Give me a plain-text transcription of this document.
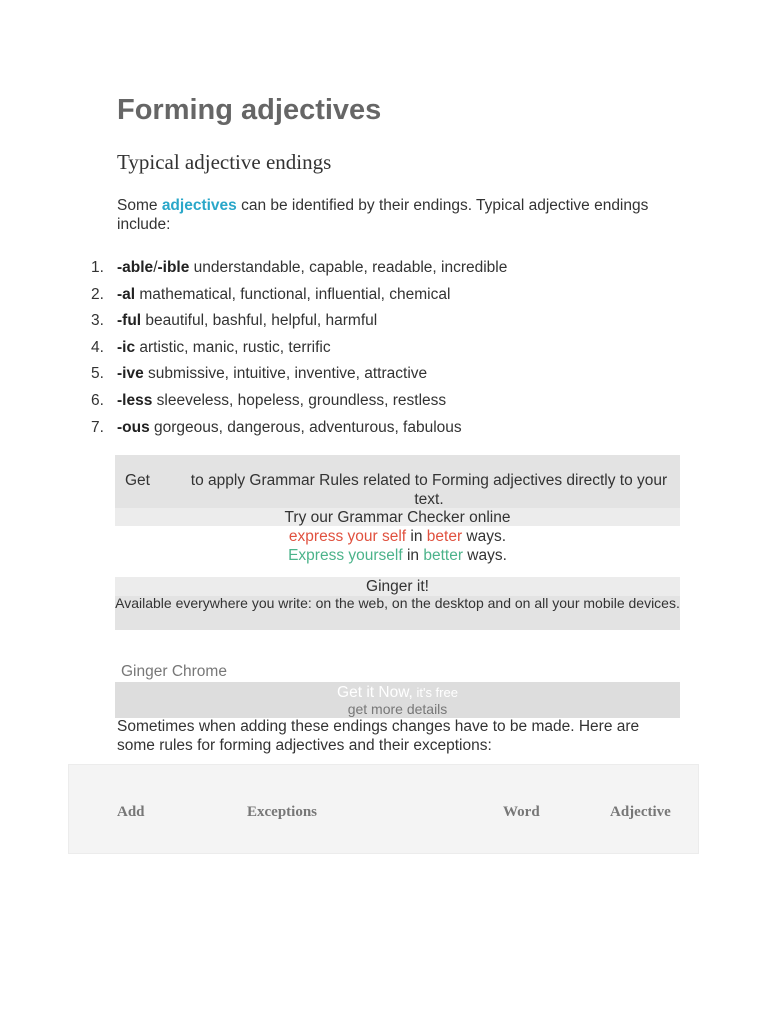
Forming adjectives
Typical adjective endings
Some adjectives can be identified by their endings. Typical adjective endings include:
1. -able/-ible understandable, capable, readable, incredible
2. -al mathematical, functional, influential, chemical
3. -ful beautiful, bashful, helpful, harmful
4. -ic artistic, manic, rustic, terrific
5. -ive submissive, intuitive, inventive, attractive
6. -less sleeveless, hopeless, groundless, restless
7. -ous gorgeous, dangerous, adventurous, fabulous
Get	to apply Grammar Rules related to Forming adjectives directly to your text.
Try our Grammar Checker online
express your self in beter ways.
Express yourself in better ways.
Ginger it!
Available everywhere you write: on the web, on the desktop and on all your mobile devices.
Ginger Chrome
Get it Now, it's free
get more details
Sometimes when adding these endings changes have to be made. Here are some rules for forming adjectives and their exceptions:
Add	Exceptions	Word	Adjective
